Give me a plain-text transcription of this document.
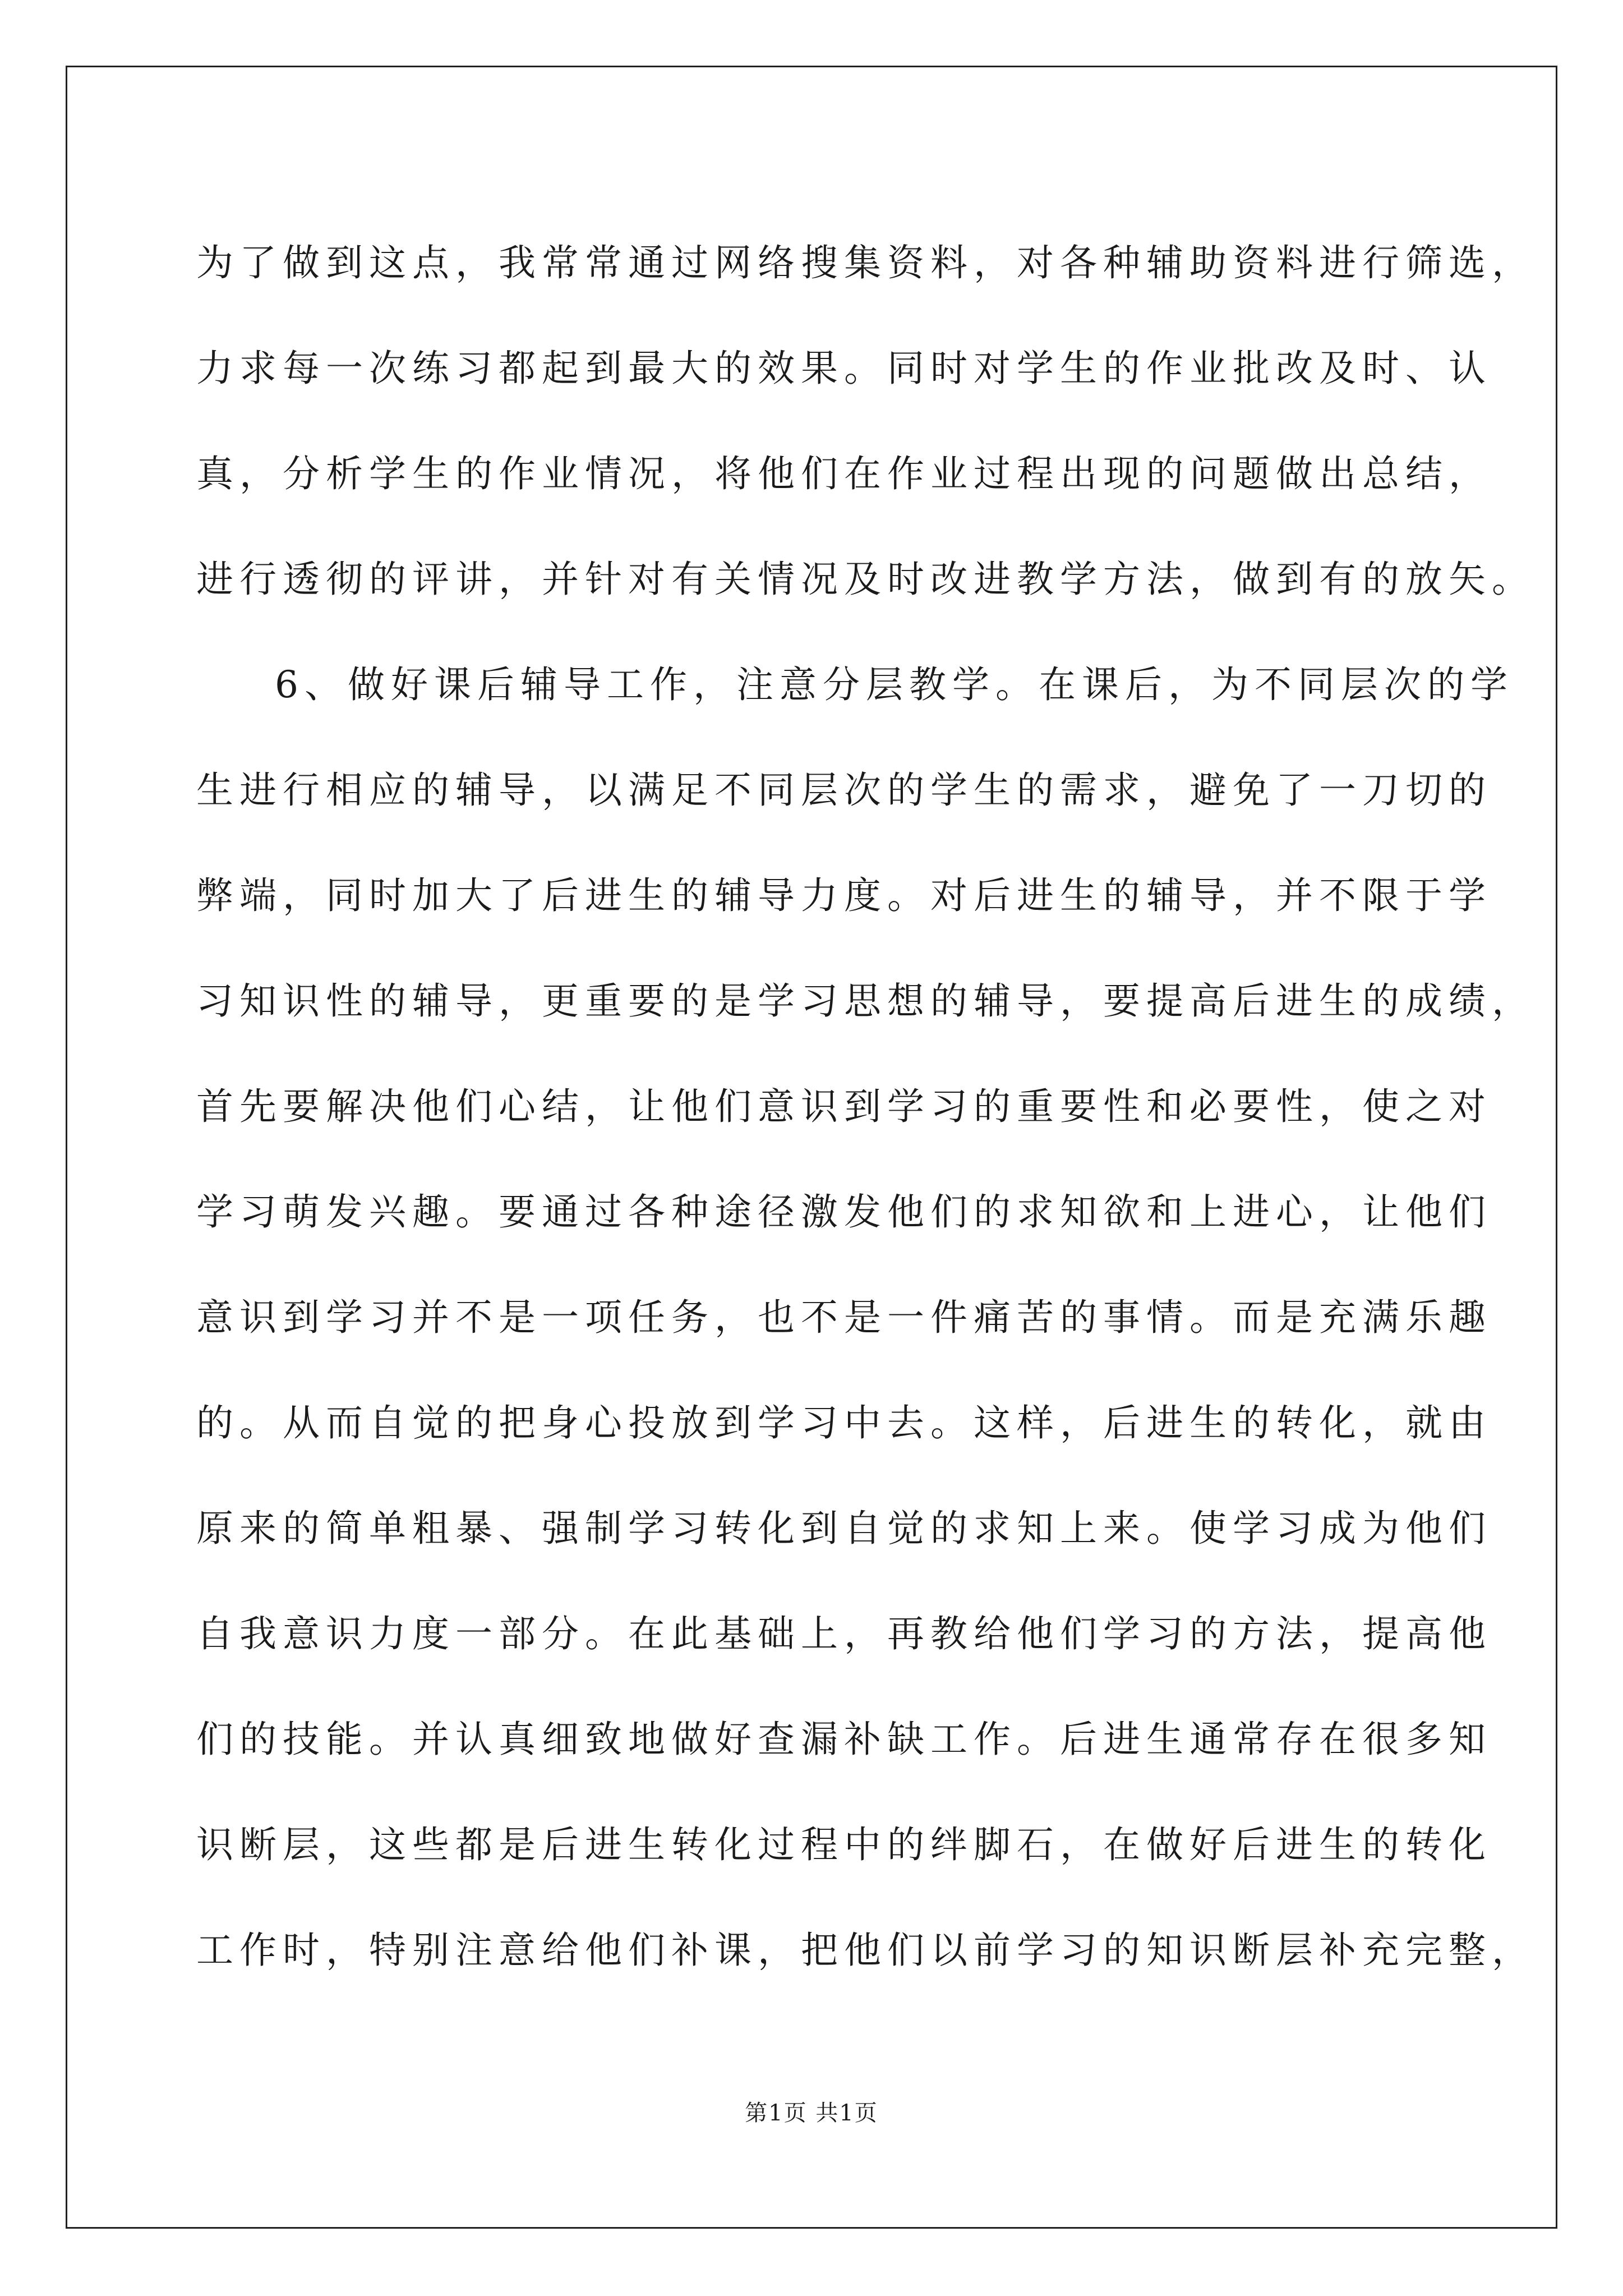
为了做到这点，我常常通过网络搜集资料，对各种辅助资料进行筛选，
力求每一次练习都起到最大的效果。同时对学生的作业批改及时、认
真，分析学生的作业情况，将他们在作业过程出现的问题做出总结，
进行透彻的评讲，并针对有关情况及时改进教学方法，做到有的放矢。
6、做好课后辅导工作，注意分层教学。在课后，为不同层次的学
生进行相应的辅导，以满足不同层次的学生的需求，避免了一刀切的
弊端，同时加大了后进生的辅导力度。对后进生的辅导，并不限于学
习知识性的辅导，更重要的是学习思想的辅导，要提高后进生的成绩，
首先要解决他们心结，让他们意识到学习的重要性和必要性，使之对
学习萌发兴趣。要通过各种途径激发他们的求知欲和上进心，让他们
意识到学习并不是一项任务，也不是一件痛苦的事情。而是充满乐趣
的。从而自觉的把身心投放到学习中去。这样，后进生的转化，就由
原来的简单粗暴、强制学习转化到自觉的求知上来。使学习成为他们
自我意识力度一部分。在此基础上，再教给他们学习的方法，提高他
们的技能。并认真细致地做好查漏补缺工作。后进生通常存在很多知
识断层，这些都是后进生转化过程中的绊脚石，在做好后进生的转化
工作时，特别注意给他们补课，把他们以前学习的知识断层补充完整，
第1页 共1页
